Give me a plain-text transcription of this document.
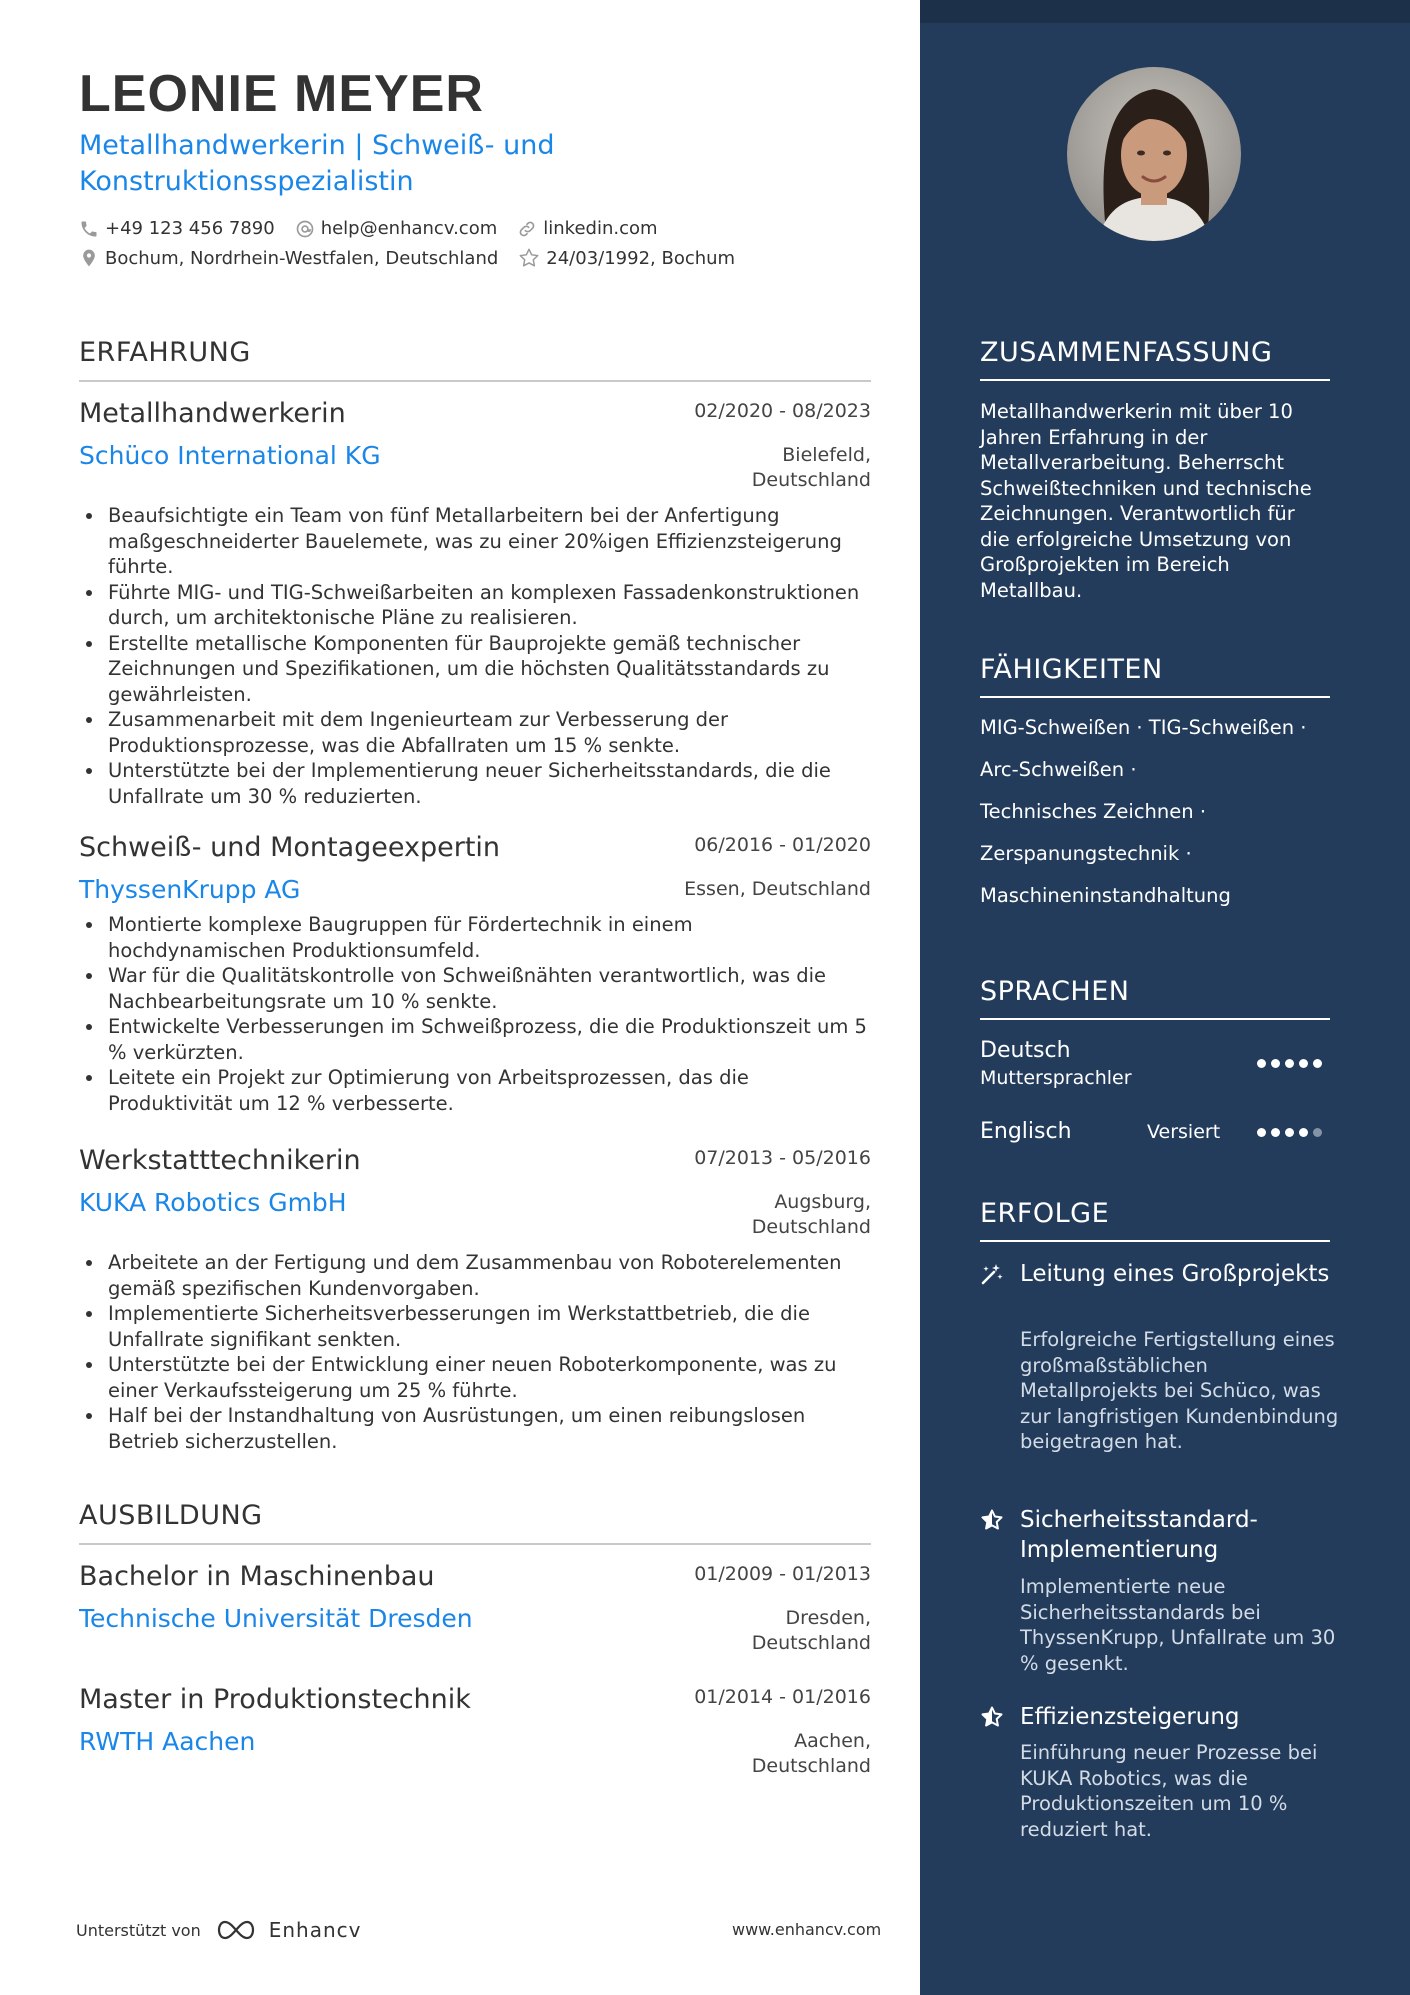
LEONIE MEYER
Metallhandwerkerin | Schweiß- und Konstruktionsspezialistin
+49 123 456 7890	help@enhancv.com	linkedin.com
Bochum, Nordrhein-Westfalen, Deutschland	24/03/1992, Bochum
ERFAHRUNG
Metallhandwerkerin	02/2020 - 08/2023
Schüco International KG	Bielefeld,
Deutschland
Beaufsichtigte ein Team von fünf Metallarbeitern bei der Anfertigung maßgeschneiderter Bauelemete, was zu einer 20%igen Effizienzsteigerung führte.
Führte MIG- und TIG-Schweißarbeiten an komplexen Fassadenkonstruktionen durch, um architektonische Pläne zu realisieren.
Erstellte metallische Komponenten für Bauprojekte gemäß technischer Zeichnungen und Spezifikationen, um die höchsten Qualitätsstandards zu gewährleisten.
Zusammenarbeit mit dem Ingenieurteam zur Verbesserung der Produktionsprozesse, was die Abfallraten um 15 % senkte.
Unterstützte bei der Implementierung neuer Sicherheitsstandards, die die Unfallrate um 30 % reduzierten.
Schweiß- und Montageexpertin	06/2016 - 01/2020
ThyssenKrupp AG	Essen, Deutschland
Montierte komplexe Baugruppen für Fördertechnik in einem hochdynamischen Produktionsumfeld.
War für die Qualitätskontrolle von Schweißnähten verantwortlich, was die Nachbearbeitungsrate um 10 % senkte.
Entwickelte Verbesserungen im Schweißprozess, die die Produktionszeit um 5 % verkürzten.
Leitete ein Projekt zur Optimierung von Arbeitsprozessen, das die Produktivität um 12 % verbesserte.
Werkstatttechnikerin	07/2013 - 05/2016
KUKA Robotics GmbH	Augsburg,
Deutschland
Arbeitete an der Fertigung und dem Zusammenbau von Roboterelementen gemäß spezifischen Kundenvorgaben.
Implementierte Sicherheitsverbesserungen im Werkstattbetrieb, die die Unfallrate signifikant senkten.
Unterstützte bei der Entwicklung einer neuen Roboterkomponente, was zu einer Verkaufssteigerung um 25 % führte.
Half bei der Instandhaltung von Ausrüstungen, um einen reibungslosen Betrieb sicherzustellen.
AUSBILDUNG
Bachelor in Maschinenbau	01/2009 - 01/2013
Technische Universität Dresden	Dresden,
Deutschland
Master in Produktionstechnik	01/2014 - 01/2016
RWTH Aachen	Aachen,
Deutschland
ZUSAMMENFASSUNG
Metallhandwerkerin mit über 10 Jahren Erfahrung in der Metallverarbeitung. Beherrscht Schweißtechniken und technische Zeichnungen. Verantwortlich für die erfolgreiche Umsetzung von Großprojekten im Bereich Metallbau.
FÄHIGKEITEN
MIG-Schweißen · TIG-Schweißen ·
Arc-Schweißen ·
Technisches Zeichnen ·
Zerspanungstechnik ·
Maschineninstandhaltung
SPRACHEN
Deutsch
Muttersprachler
Englisch	Versiert
ERFOLGE
Leitung eines Großprojekts
Erfolgreiche Fertigstellung eines großmaßstäblichen Metallprojekts bei Schüco, was zur langfristigen Kundenbindung beigetragen hat.
Sicherheitsstandard-Implementierung
Implementierte neue Sicherheitsstandards bei ThyssenKrupp, Unfallrate um 30 % gesenkt.
Effizienzsteigerung
Einführung neuer Prozesse bei KUKA Robotics, was die Produktionszeiten um 10 % reduziert hat.
Unterstützt von	Enhancv	www.enhancv.com
